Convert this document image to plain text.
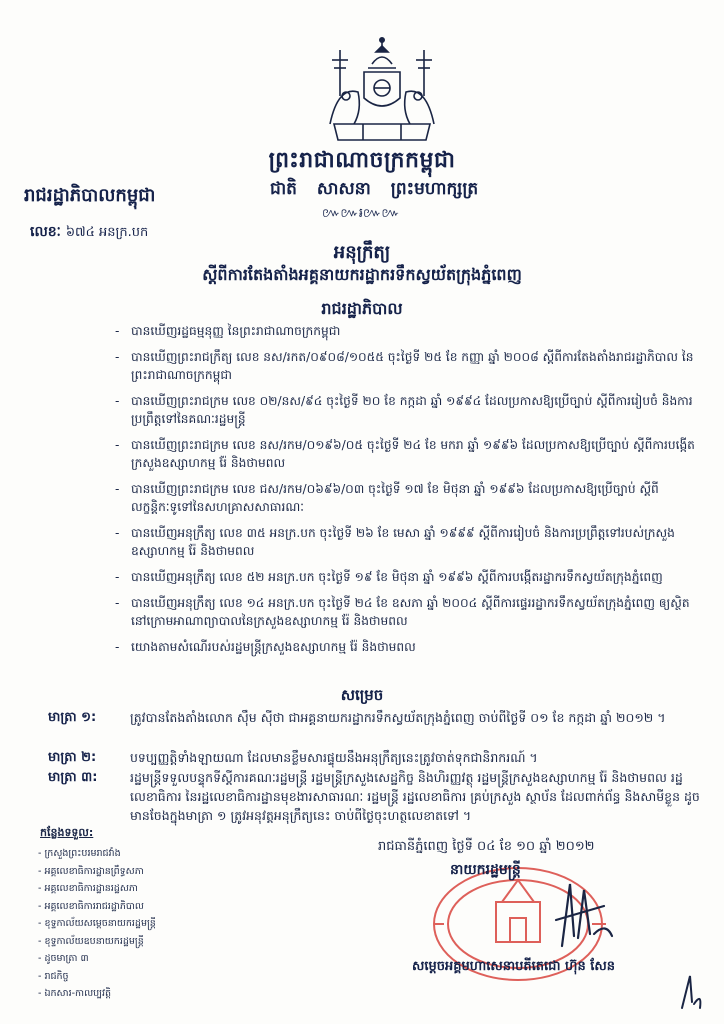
ព្រះរាជាណាចក្រកម្ពុជា
រាជរដ្ឋាភិបាលកម្ពុជា	ជាតិ សាសនា ព្រះមហាក្សត្រ
៚៚៛៚៚
លេខៈ ៦៧៤ អនក្រ.បក
អនុក្រឹត្យ
ស្តីពីការតែងតាំងអគ្គនាយករដ្ឋាករទឹកស្វយ័តក្រុងភ្នំពេញ
រាជរដ្ឋាភិបាល
- បានឃើញរដ្ឋធម្មនុញ្ញ នៃព្រះរាជាណាចក្រកម្ពុជា
- បានឃើញព្រះរាជក្រឹត្យ លេខ នស/រកត/០៩០៨/១០៥៥ ចុះថ្ងៃទី ២៥ ខែ កញ្ញា ឆ្នាំ ២០០៨ ស្តីពីការតែងតាំងរាជរដ្ឋាភិបាល នៃព្រះរាជាណាចក្រកម្ពុជា
- បានឃើញព្រះរាជក្រម លេខ ០២/នស/៩៤ ចុះថ្ងៃទី ២០ ខែ កក្កដា ឆ្នាំ ១៩៩៤ ដែលប្រកាសឱ្យប្រើច្បាប់ ស្តីពីការរៀបចំ និងការប្រព្រឹត្តទៅនៃគណៈរដ្ឋមន្ត្រី
- បានឃើញព្រះរាជក្រម លេខ នស/រកម/០១៩៦/០៥ ចុះថ្ងៃទី ២៤ ខែ មករា ឆ្នាំ ១៩៩៦ ដែលប្រកាសឱ្យប្រើច្បាប់ ស្តីពីការបង្កើតក្រសួងឧស្សាហកម្ម រ៉ែ និងថាមពល
- បានឃើញព្រះរាជក្រម លេខ ជស/រកម/០៦៩៦/០៣ ចុះថ្ងៃទី ១៧ ខែ មិថុនា ឆ្នាំ ១៩៩៦ ដែលប្រកាសឱ្យប្រើច្បាប់ ស្តីពីលក្ខន្តិកៈទូទៅនៃសហគ្រាសសាធារណៈ
- បានឃើញអនុក្រឹត្យ លេខ ៣៥ អនក្រ.បក ចុះថ្ងៃទី ២៦ ខែ មេសា ឆ្នាំ ១៩៩៩ ស្តីពីការរៀបចំ និងការប្រព្រឹត្តទៅរបស់ក្រសួងឧស្សាហកម្ម រ៉ែ និងថាមពល
- បានឃើញអនុក្រឹត្យ លេខ ៥២ អនក្រ.បក ចុះថ្ងៃទី ១៩ ខែ មិថុនា ឆ្នាំ ១៩៩៦ ស្តីពីការបង្កើតរដ្ឋាករទឹកស្វយ័តក្រុងភ្នំពេញ
- បានឃើញអនុក្រឹត្យ លេខ ១៤ អនក្រ.បក ចុះថ្ងៃទី ២៤ ខែ ឧសភា ឆ្នាំ ២០០៤ ស្តីពីការផ្ទេររដ្ឋាករទឹកស្វយ័តក្រុងភ្នំពេញ ឲ្យស្ថិតនៅក្រោមអាណាព្យាបាលនៃក្រសួងឧស្សាហកម្ម រ៉ែ និងថាមពល
- យោងតាមសំណើរបស់រដ្ឋមន្ត្រីក្រសួងឧស្សាហកម្ម រ៉ែ និងថាមពល
សម្រេច
មាត្រា ១:	ត្រូវបានតែងតាំងលោក ស៊ឹម ស៊ីថា ជាអគ្គនាយករដ្ឋាករទឹកស្វយ័តក្រុងភ្នំពេញ ចាប់ពីថ្ងៃទី ០១ ខែ កក្កដា ឆ្នាំ ២០១២ ។
មាត្រា ២:	បទប្បញ្ញត្តិទាំងឡាយណា ដែលមានខ្លឹមសារផ្ទុយនឹងអនុក្រឹត្យនេះត្រូវចាត់ទុកជានិរាករណ៍ ។
មាត្រា ៣:	រដ្ឋមន្ត្រីទទួលបន្ទុកទីស្តីការគណៈរដ្ឋមន្ត្រី រដ្ឋមន្ត្រីក្រសួងសេដ្ឋកិច្ច និងហិរញ្ញវត្ថុ រដ្ឋមន្ត្រីក្រសួងឧស្សាហកម្ម រ៉ែ និងថាមពល រដ្ឋលេខាធិការ នៃរដ្ឋលេខាធិការដ្ឋានមុខងារសាធារណៈ រដ្ឋមន្ត្រី រដ្ឋលេខាធិការ គ្រប់ក្រសួង ស្ថាប័ន ដែលពាក់ព័ន្ធ និងសាមីខ្លួន ដូចមានចែងក្នុងមាត្រា ១ ត្រូវអនុវត្តអនុក្រឹត្យនេះ ចាប់ពីថ្ងៃចុះហត្ថលេខាតទៅ ។
កន្លែងទទួល:
- ក្រសួងព្រះបរមរាជវាំង
- អគ្គលេខាធិការដ្ឋានព្រឹទ្ធសភា
- អគ្គលេខាធិការដ្ឋានរដ្ឋសភា
- អគ្គលេខាធិការរាជរដ្ឋាភិបាល
- ខុទ្ទកាល័យសម្តេចនាយករដ្ឋមន្ត្រី
- ខុទ្ទកាល័យឧបនាយករដ្ឋមន្ត្រី
- ដូចមាត្រា ៣
- រាជកិច្ច
- ឯកសារ-កាលប្បវត្តិ
រាជធានីភ្នំពេញ ថ្ងៃទី ០៤ ខែ ១០ ឆ្នាំ ២០១២
នាយករដ្ឋមន្ត្រី
សម្តេចអគ្គមហាសេនាបតីតេជោ ហ៊ុន សែន
